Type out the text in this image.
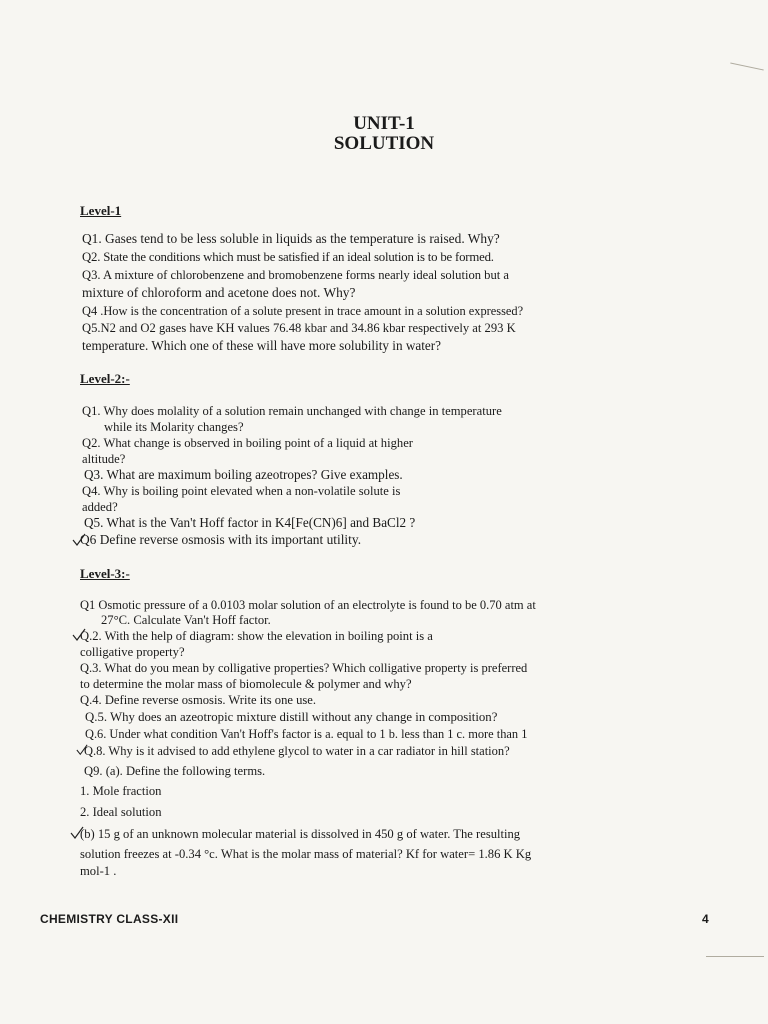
UNIT-1
SOLUTION
Level-1
Q1. Gases tend to be less soluble in liquids as the temperature is raised. Why?
Q2. State the conditions which must be satisfied if an ideal solution is to be formed.
Q3. A mixture of chlorobenzene and bromobenzene forms nearly ideal solution but a
mixture of chloroform and acetone does not. Why?
Q4 .How is the concentration of a solute present in trace amount in a solution expressed?
Q5.N2 and O2 gases have KH values 76.48 kbar and 34.86 kbar respectively at 293 K
temperature. Which one of these will have more solubility in water?
Level-2:-
Q1. Why does molality of a solution remain unchanged with change in temperature
while its Molarity changes?
Q2. What change is observed in boiling point of a liquid at higher
altitude?
Q3. What are maximum boiling azeotropes? Give examples.
Q4. Why is boiling point elevated when a non-volatile solute is
added?
Q5. What is the Van't Hoff factor in K4[Fe(CN)6] and BaCl2 ?
Q6 Define reverse osmosis with its important utility.
Level-3:-
Q1 Osmotic pressure of a 0.0103 molar solution of an electrolyte is found to be 0.70 atm at
27°C. Calculate Van't Hoff factor.
Q.2. With the help of diagram: show the elevation in boiling point is a
colligative property?
Q.3. What do you mean by colligative properties? Which colligative property is preferred
to determine the molar mass of biomolecule & polymer and why?
Q.4. Define reverse osmosis. Write its one use.
Q.5. Why does an azeotropic mixture distill without any change in composition?
Q.6. Under what condition Van't Hoff's factor is a. equal to 1 b. less than 1 c. more than 1
Q.8. Why is it advised to add ethylene glycol to water in a car radiator in hill station?
Q9. (a). Define the following terms.
1. Mole fraction
2. Ideal solution
(b) 15 g of an unknown molecular material is dissolved in 450 g of water. The resulting
solution freezes at -0.34 °c. What is the molar mass of material? Kf for water= 1.86 K Kg
mol-1 .
CHEMISTRY CLASS-XII	4
